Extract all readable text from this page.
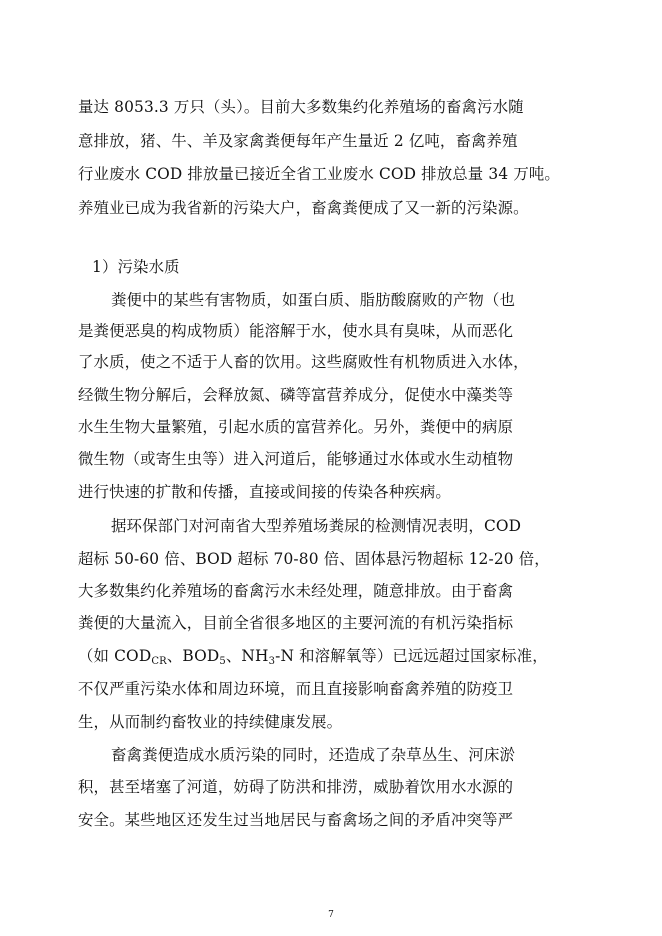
量达 8053.3 万只（头）。目前大多数集约化养殖场的畜禽污水随
意排放，猪、牛、羊及家禽粪便每年产生量近 2 亿吨，畜禽养殖
行业废水 COD 排放量已接近全省工业废水 COD 排放总量 34 万吨。
养殖业已成为我省新的污染大户，畜禽粪便成了又一新的污染源。
1）污染水质
粪便中的某些有害物质，如蛋白质、脂肪酸腐败的产物（也
是粪便恶臭的构成物质）能溶解于水，使水具有臭味，从而恶化
了水质，使之不适于人畜的饮用。这些腐败性有机物质进入水体，
经微生物分解后，会释放氮、磷等富营养成分，促使水中藻类等
水生生物大量繁殖，引起水质的富营养化。另外，粪便中的病原
微生物（或寄生虫等）进入河道后，能够通过水体或水生动植物
进行快速的扩散和传播，直接或间接的传染各种疾病。
据环保部门对河南省大型养殖场粪尿的检测情况表明，COD
超标 50-60 倍、BOD 超标 70-80 倍、固体悬污物超标 12-20 倍，
大多数集约化养殖场的畜禽污水未经处理，随意排放。由于畜禽
粪便的大量流入，目前全省很多地区的主要河流的有机污染指标
（如 $COD_{CR}$、$BOD_5$、$NH_3-N$ 和溶解氧等）已远远超过国家标准，
不仅严重污染水体和周边环境，而且直接影响畜禽养殖的防疫卫
生，从而制约畜牧业的持续健康发展。
畜禽粪便造成水质污染的同时，还造成了杂草丛生、河床淤
积，甚至堵塞了河道，妨碍了防洪和排涝，威胁着饮用水水源的
安全。某些地区还发生过当地居民与畜禽场之间的矛盾冲突等严
7
